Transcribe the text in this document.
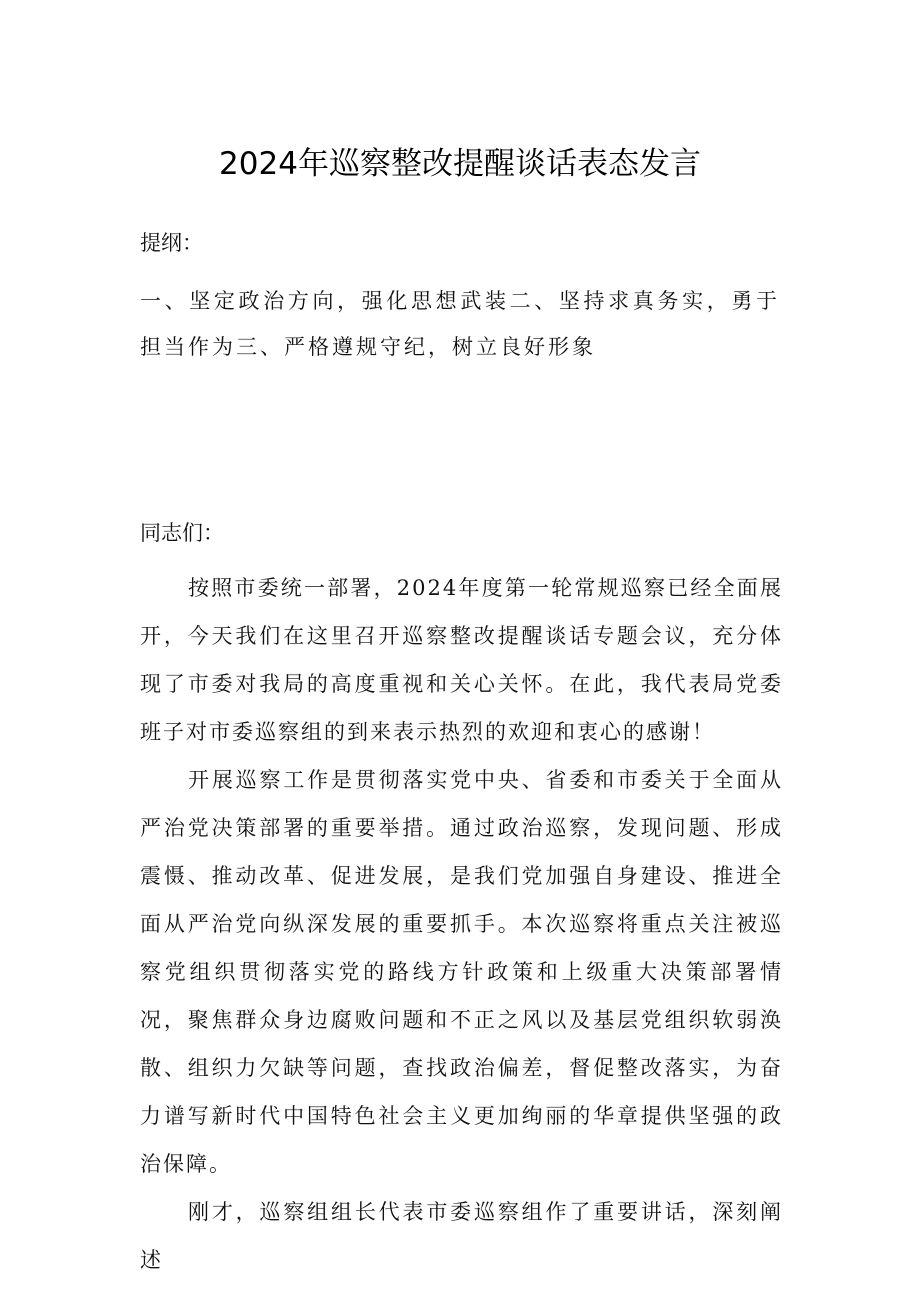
2024年巡察整改提醒谈话表态发言
提纲：
一、坚定政治方向，强化思想武装二、坚持求真务实，勇于担当作为三、严格遵规守纪，树立良好形象
同志们：

按照市委统一部署，2024年度第一轮常规巡察已经全面展开，今天我们在这里召开巡察整改提醒谈话专题会议，充分体现了市委对我局的高度重视和关心关怀。在此，我代表局党委班子对市委巡察组的到来表示热烈的欢迎和衷心的感谢！

开展巡察工作是贯彻落实党中央、省委和市委关于全面从严治党决策部署的重要举措。通过政治巡察，发现问题、形成震慑、推动改革、促进发展，是我们党加强自身建设、推进全面从严治党向纵深发展的重要抓手。本次巡察将重点关注被巡察党组织贯彻落实党的路线方针政策和上级重大决策部署情况，聚焦群众身边腐败问题和不正之风以及基层党组织软弱涣散、组织力欠缺等问题，查找政治偏差，督促整改落实，为奋力谱写新时代中国特色社会主义更加绚丽的华章提供坚强的政治保障。

刚才，巡察组组长代表市委巡察组作了重要讲话，深刻阐述
